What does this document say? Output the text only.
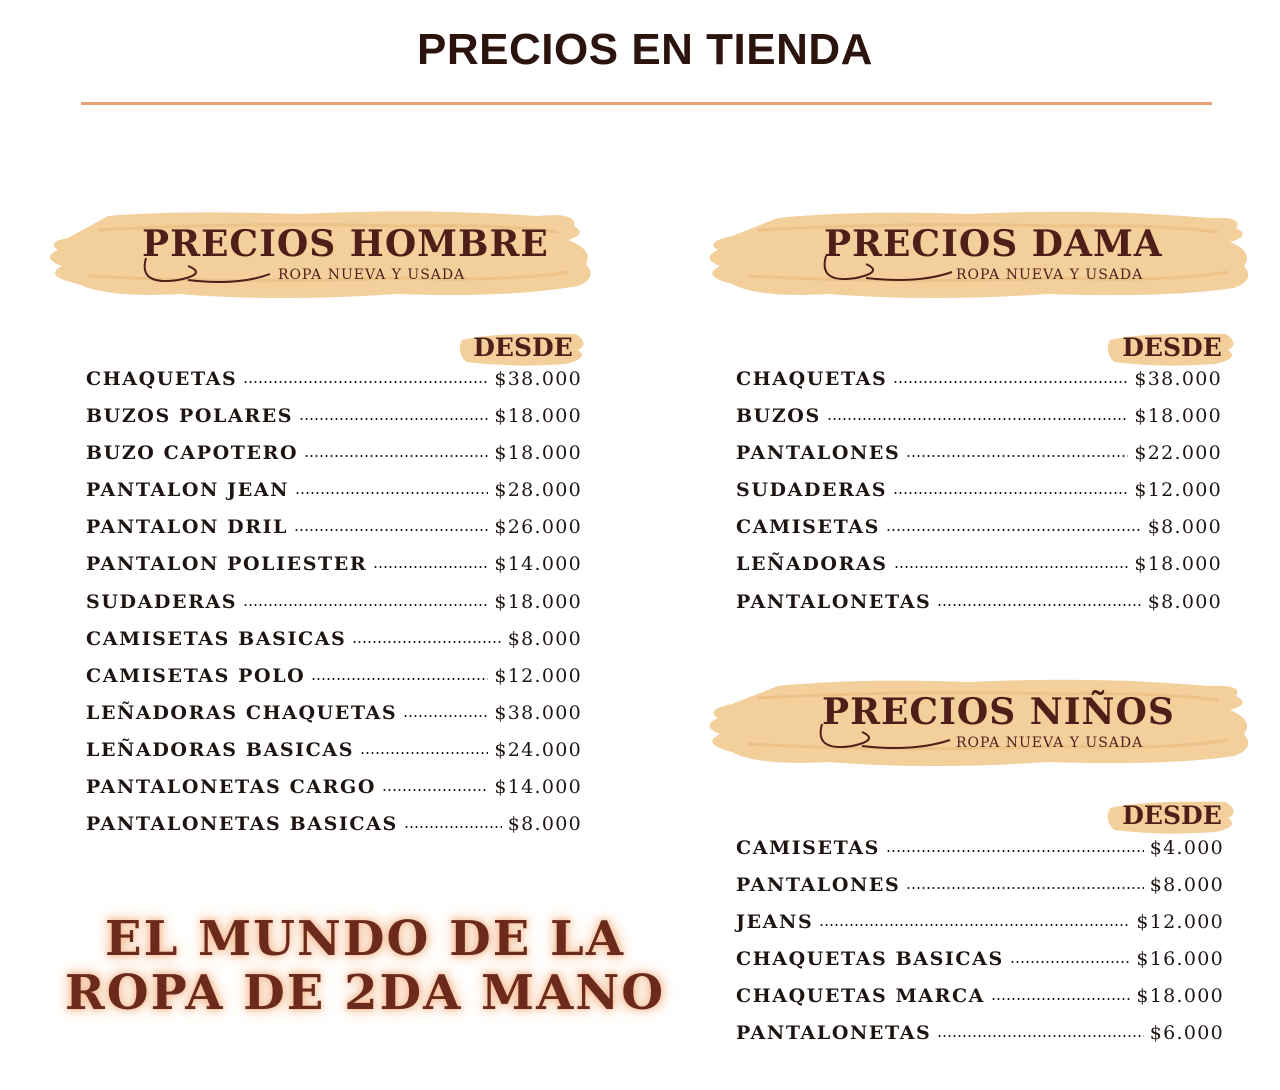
PRECIOS EN TIENDA
PRECIOS HOMBRE
ROPA NUEVA Y USADA
DESDE
CHAQUETAS	$38.000
BUZOS POLARES	$18.000
BUZO CAPOTERO	$18.000
PANTALON JEAN	$28.000
PANTALON DRIL	$26.000
PANTALON POLIESTER	$14.000
SUDADERAS	$18.000
CAMISETAS BASICAS	$8.000
CAMISETAS POLO	$12.000
LEÑADORAS CHAQUETAS	$38.000
LEÑADORAS BASICAS	$24.000
PANTALONETAS CARGO	$14.000
PANTALONETAS BASICAS	$8.000
PRECIOS DAMA
ROPA NUEVA Y USADA
DESDE
CHAQUETAS	$38.000
BUZOS	$18.000
PANTALONES	$22.000
SUDADERAS	$12.000
CAMISETAS	$8.000
LEÑADORAS	$18.000
PANTALONETAS	$8.000
PRECIOS NIÑOS
ROPA NUEVA Y USADA
DESDE
CAMISETAS	$4.000
PANTALONES	$8.000
JEANS	$12.000
CHAQUETAS BASICAS	$16.000
CHAQUETAS MARCA	$18.000
PANTALONETAS	$6.000
EL MUNDO DE LA
ROPA DE 2DA MANO
